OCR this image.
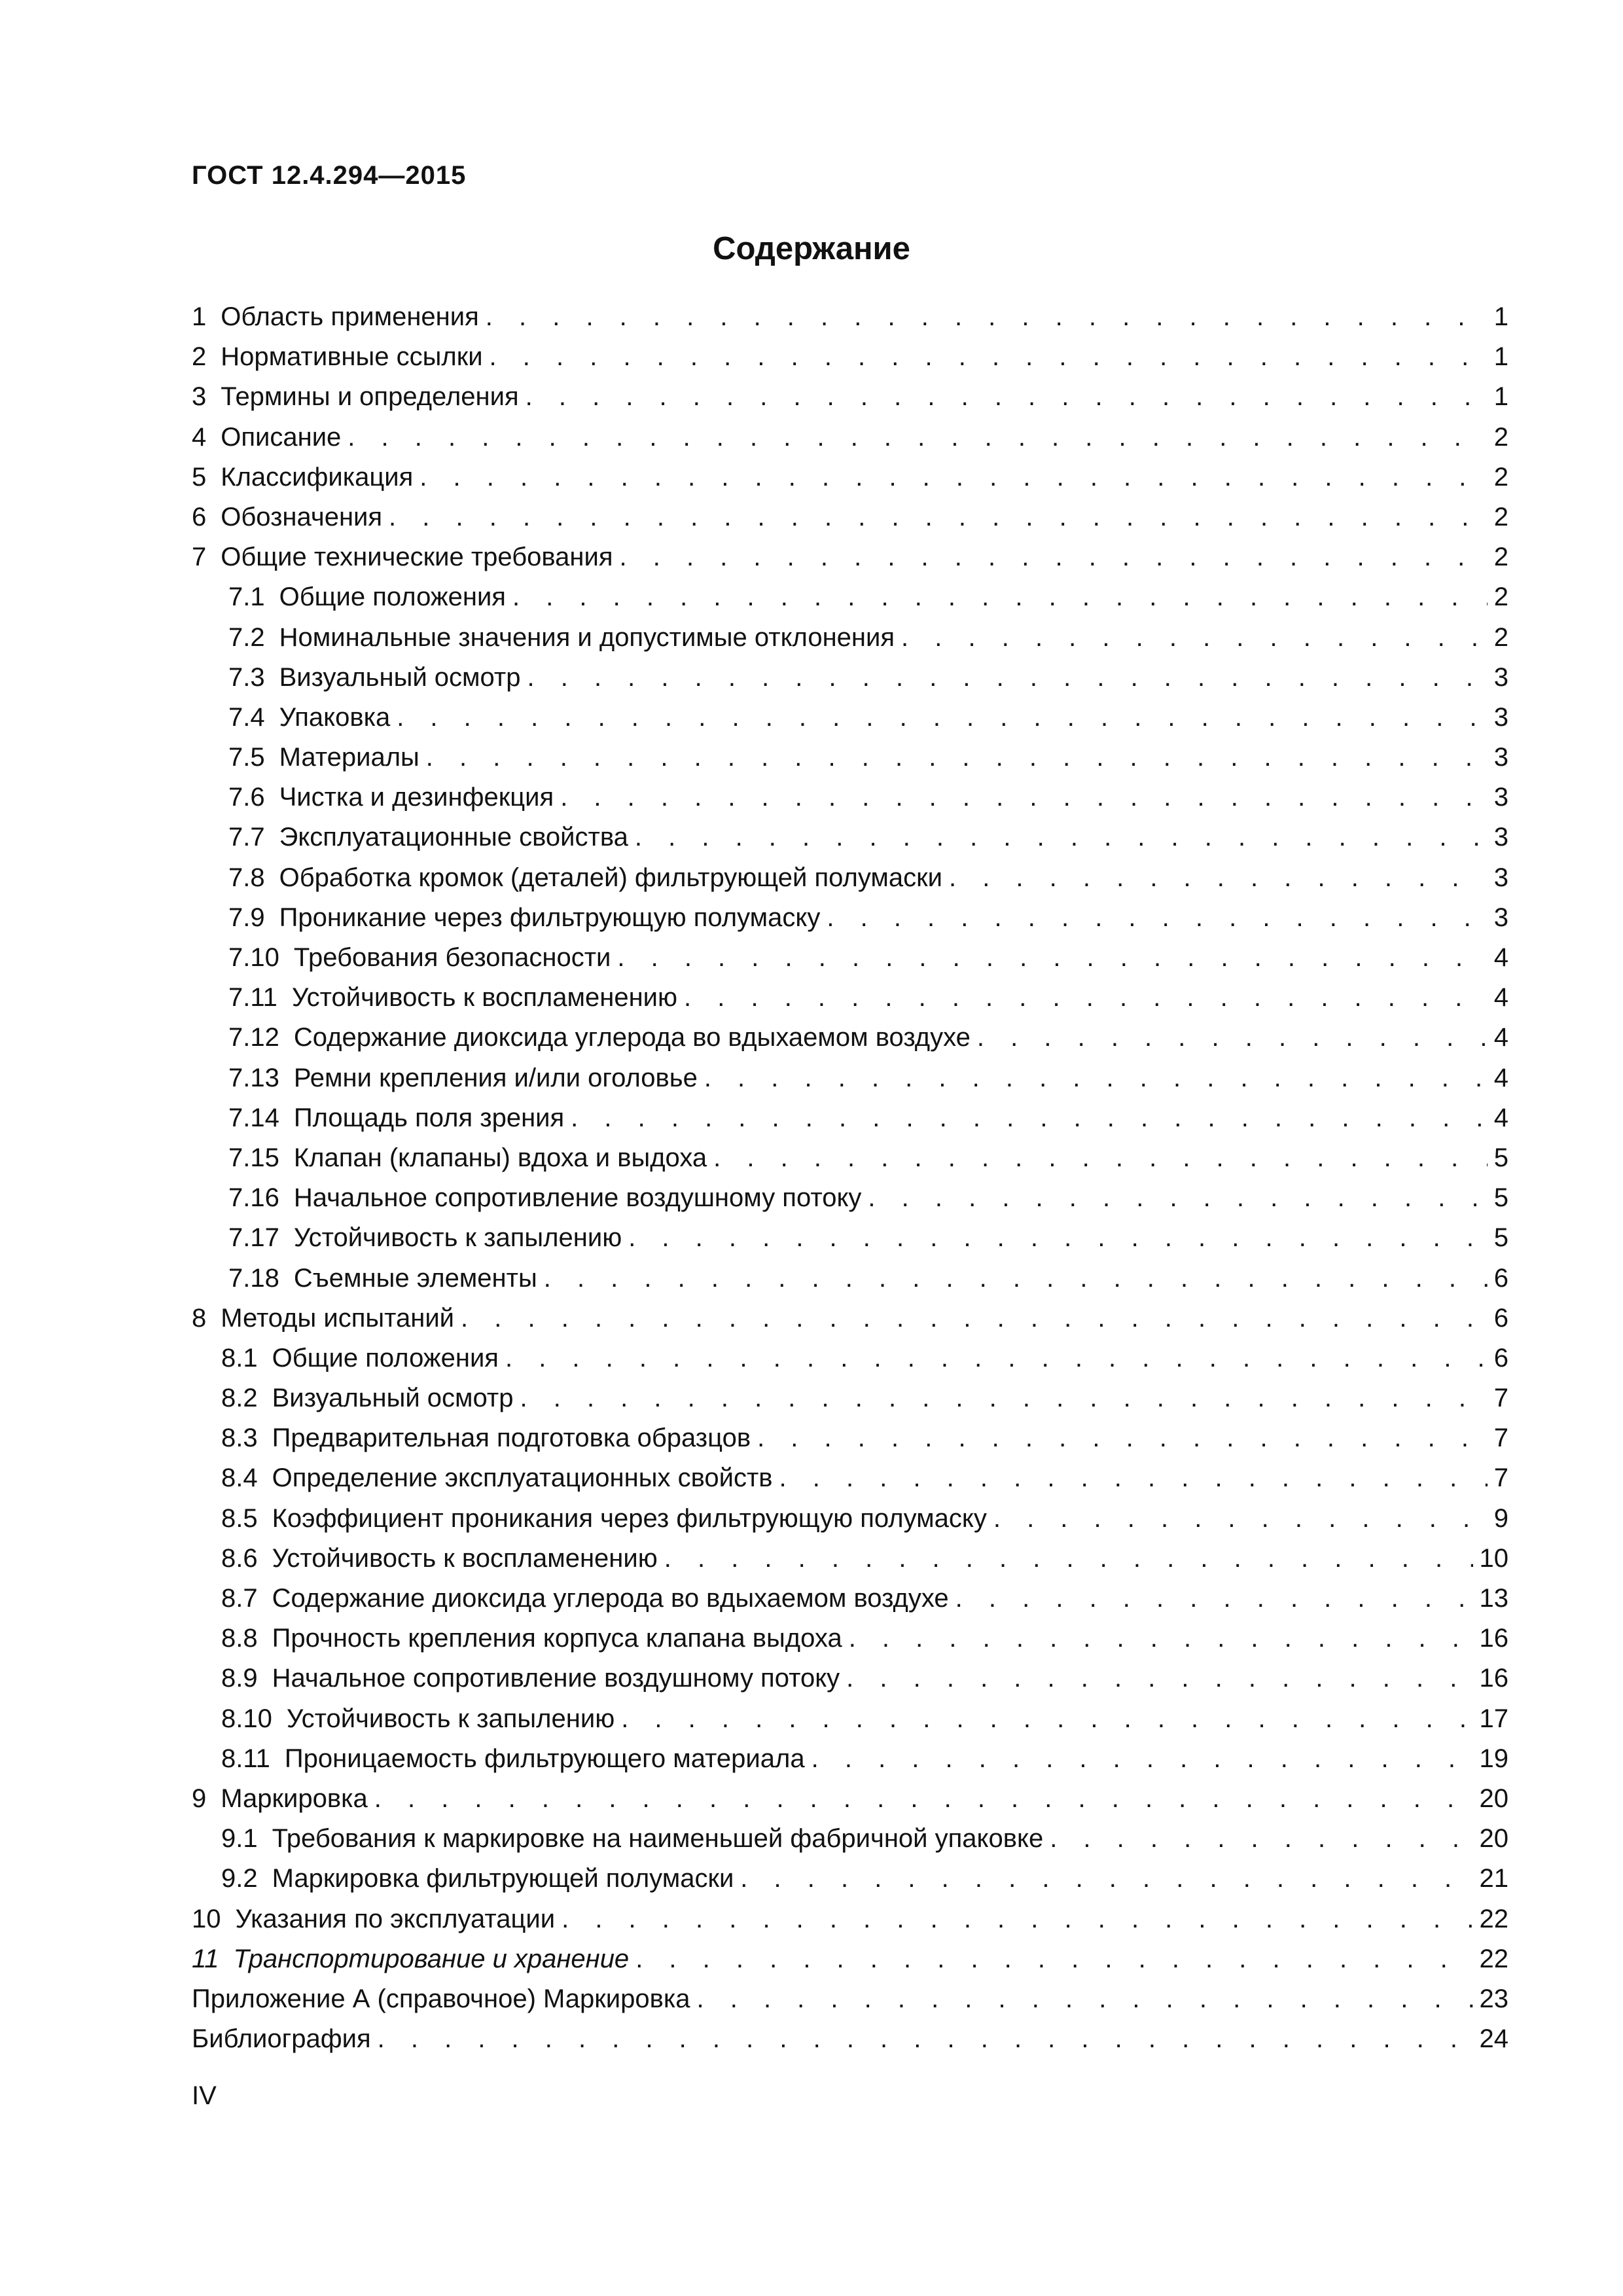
ГОСТ 12.4.294—2015
Содержание
1 Область применения . . .	1
2 Нормативные ссылки . . .	1
3 Термины и определения . . .	1
4 Описание . . .	2
5 Классификация . . .	2
6 Обозначения . . .	2
7 Общие технические требования . . .	2
7.1 Общие положения . . .	2
7.2 Номинальные значения и допустимые отклонения . . .	2
7.3 Визуальный осмотр . . .	3
7.4 Упаковка . . .	3
7.5 Материалы . . .	3
7.6 Чистка и дезинфекция . . .	3
7.7 Эксплуатационные свойства . . .	3
7.8 Обработка кромок (деталей) фильтрующей полумаски . . .	3
7.9 Проникание через фильтрующую полумаску . . .	3
7.10 Требования безопасности . . .	4
7.11 Устойчивость к воспламенению . . .	4
7.12 Содержание диоксида углерода во вдыхаемом воздухе . . .	4
7.13 Ремни крепления и/или оголовье . . .	4
7.14 Площадь поля зрения . . .	4
7.15 Клапан (клапаны) вдоха и выдоха . . .	5
7.16 Начальное сопротивление воздушному потоку . . .	5
7.17 Устойчивость к запылению . . .	5
7.18 Съемные элементы . . .	6
8 Методы испытаний . . .	6
8.1 Общие положения . . .	6
8.2 Визуальный осмотр . . .	7
8.3 Предварительная подготовка образцов . . .	7
8.4 Определение эксплуатационных свойств . . .	7
8.5 Коэффициент проникания через фильтрующую полумаску . . .	9
8.6 Устойчивость к воспламенению . . .	10
8.7 Содержание диоксида углерода во вдыхаемом воздухе . . .	13
8.8 Прочность крепления корпуса клапана выдоха . . .	16
8.9 Начальное сопротивление воздушному потоку . . .	16
8.10 Устойчивость к запылению . . .	17
8.11 Проницаемость фильтрующего материала . . .	19
9 Маркировка . . .	20
9.1 Требования к маркировке на наименьшей фабричной упаковке . . .	20
9.2 Маркировка фильтрующей полумаски . . .	21
10 Указания по эксплуатации . . .	22
11 Транспортирование и хранение . . .	22
Приложение А (справочное) Маркировка . . .	23
Библиография . . .	24
IV
